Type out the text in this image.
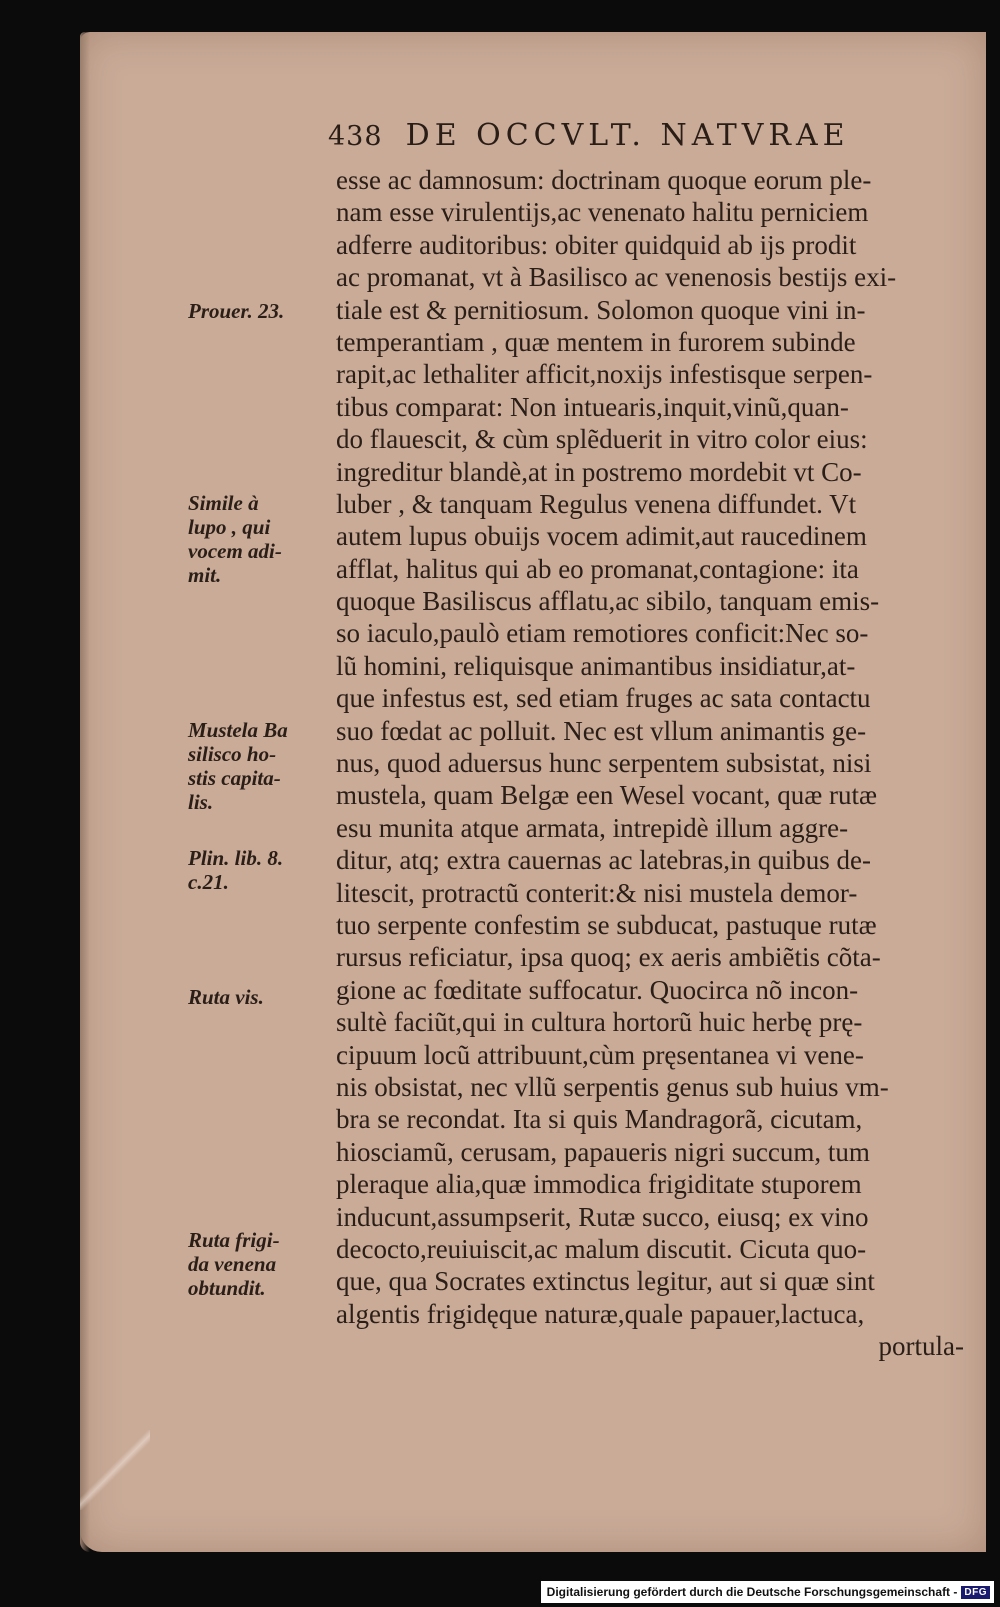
438 DE OCCVLT. NATVRAE
esse ac damnosum: doctrinam quoque eorum ple-
nam esse virulentijs,ac venenato halitu perniciem
adferre auditoribus: obiter quidquid ab ijs prodit
ac promanat, vt à Basilisco ac venenosis bestijs exi-
tiale est & pernitiosum. Solomon quoque vini in-
temperantiam , quæ mentem in furorem subinde
rapit,ac lethaliter afficit,noxijs infestisque serpen-
tibus comparat: Non intuearis,inquit,vinũ,quan-
do flauescit, & cùm splẽduerit in vitro color eius:
ingreditur blandè,at in postremo mordebit vt Co-
luber , & tanquam Regulus venena diffundet. Vt
autem lupus obuijs vocem adimit,aut raucedinem
afflat, halitus qui ab eo promanat,contagione: ita
quoque Basiliscus afflatu,ac sibilo, tanquam emis-
so iaculo,paulò etiam remotiores conficit:Nec so-
lũ homini, reliquisque animantibus insidiatur,at-
que infestus est, sed etiam fruges ac sata contactu
suo fœdat ac polluit. Nec est vllum animantis ge-
nus, quod aduersus hunc serpentem subsistat, nisi
mustela, quam Belgæ een Wesel vocant, quæ rutæ
esu munita atque armata, intrepidè illum aggre-
ditur, atq; extra cauernas ac latebras,in quibus de-
litescit, protractũ conterit:& nisi mustela demor-
tuo serpente confestim se subducat, pastuque rutæ
rursus reficiatur, ipsa quoq; ex aeris ambiẽtis cõta-
gione ac fœditate suffocatur. Quocirca nõ incon-
sultè faciũt,qui in cultura hortorũ huic herbę prę-
cipuum locũ attribuunt,cùm pręsentanea vi vene-
nis obsistat, nec vllũ serpentis genus sub huius vm-
bra se recondat. Ita si quis Mandragorã, cicutam,
hiosciamũ, cerusam, papaueris nigri succum, tum
pleraque alia,quæ immodica frigiditate stuporem
inducunt,assumpserit, Rutæ succo, eiusq; ex vino
decocto,reuiuiscit,ac malum discutit. Cicuta quo-
que, qua Socrates extinctus legitur, aut si quæ sint
algentis frigidęque naturæ,quale papauer,lactuca,
portula-
Prouer. 23.
Simile à
lupo , qui
vocem adi-
mit.
Mustela Ba
silisco ho-
stis capita-
lis.
Plin. lib. 8.
c.21.
Ruta vis.
Ruta frigi-
da venena
obtundit.
Digitalisierung gefördert durch die Deutsche Forschungsgemeinschaft - DFG
